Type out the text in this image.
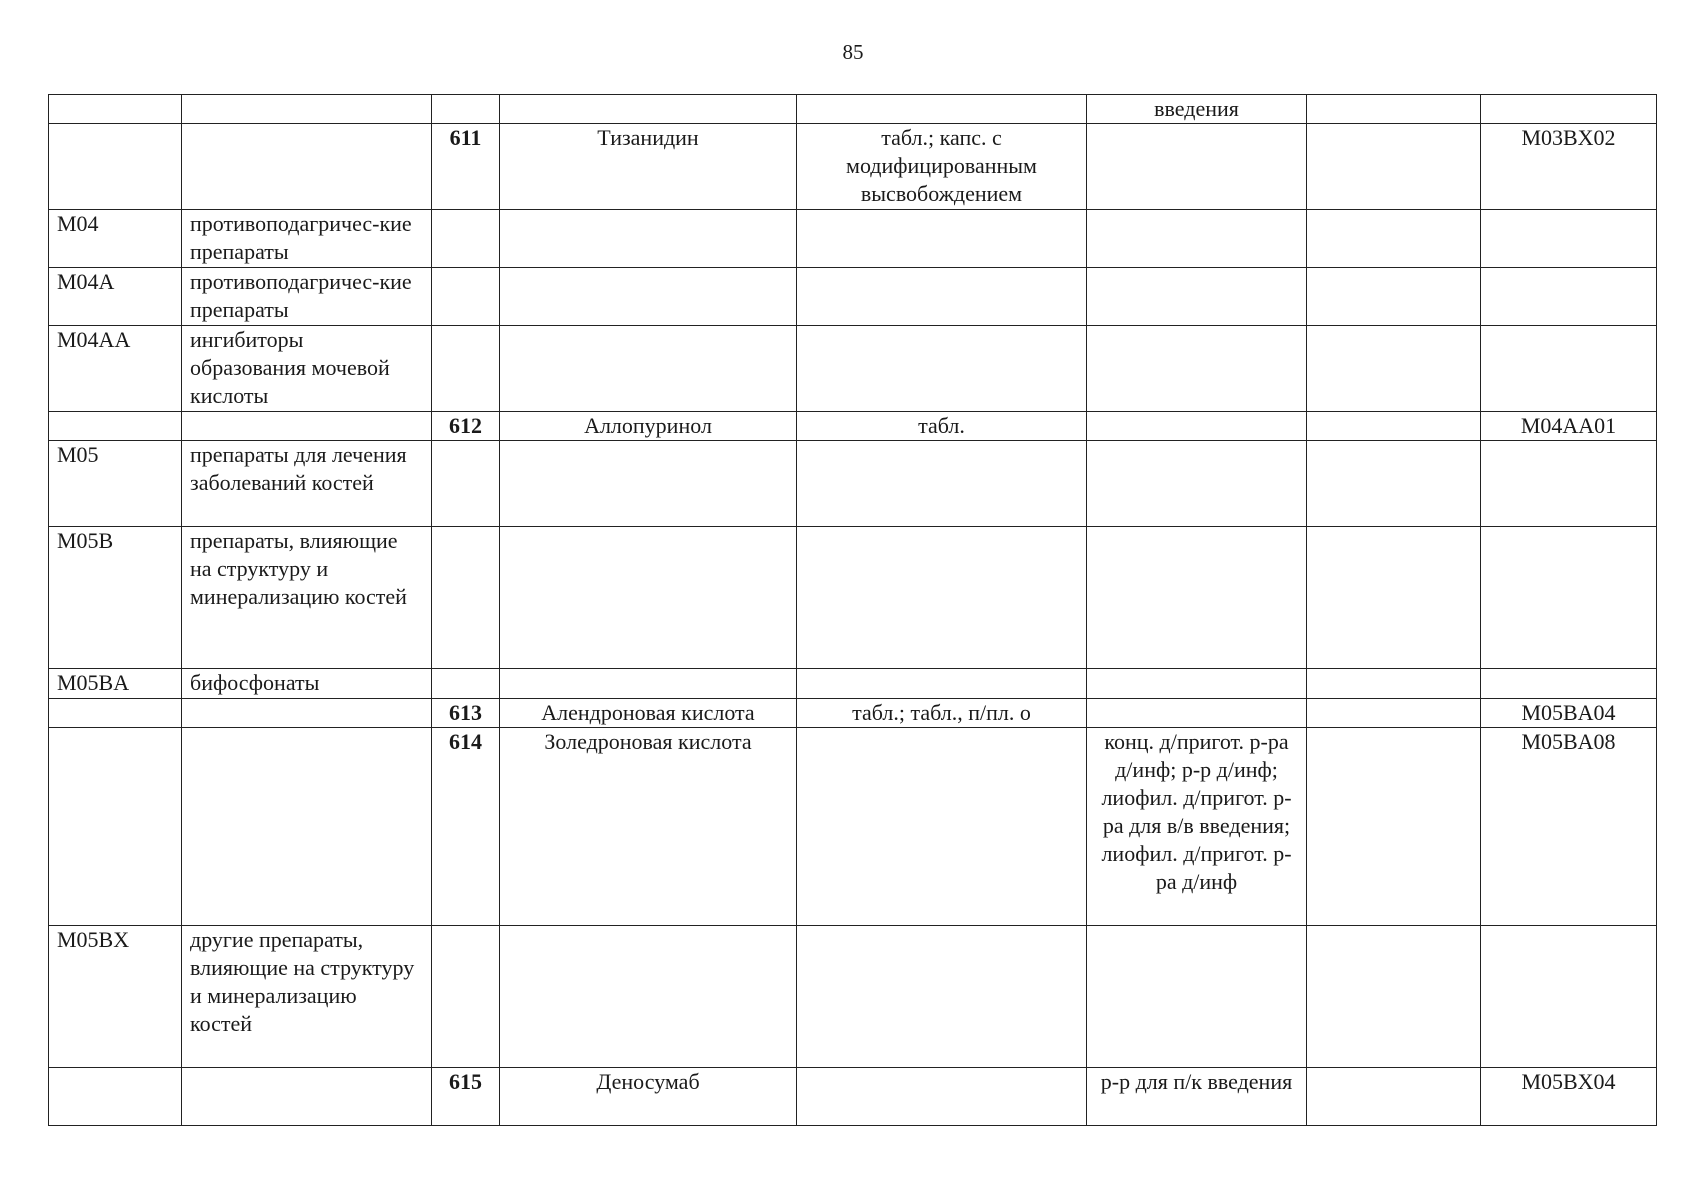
85
					введения		
		611	Тизанидин	табл.; капс. с модифицированным высвобождением			M03BX02
M04	противоподагричес-кие препараты						
M04A	противоподагричес-кие препараты						
M04AA	ингибиторы образования мочевой кислоты						
		612	Аллопуринол	табл.			M04AA01
M05	препараты для лечения заболеваний костей						
M05B	препараты, влияющие на структуру и минерализацию костей						
M05BA	бифосфонаты						
		613	Алендроновая кислота	табл.; табл., п/пл. о			M05BA04
		614	Золедроновая кислота		конц. д/пригот. р-ра д/инф; р-р д/инф; лиофил. д/пригот. р-ра для в/в введения; лиофил. д/пригот. р-ра д/инф		M05BA08
M05BX	другие препараты, влияющие на структуру и минерализацию костей						
		615	Деносумаб		р-р для п/к введения		M05BX04
